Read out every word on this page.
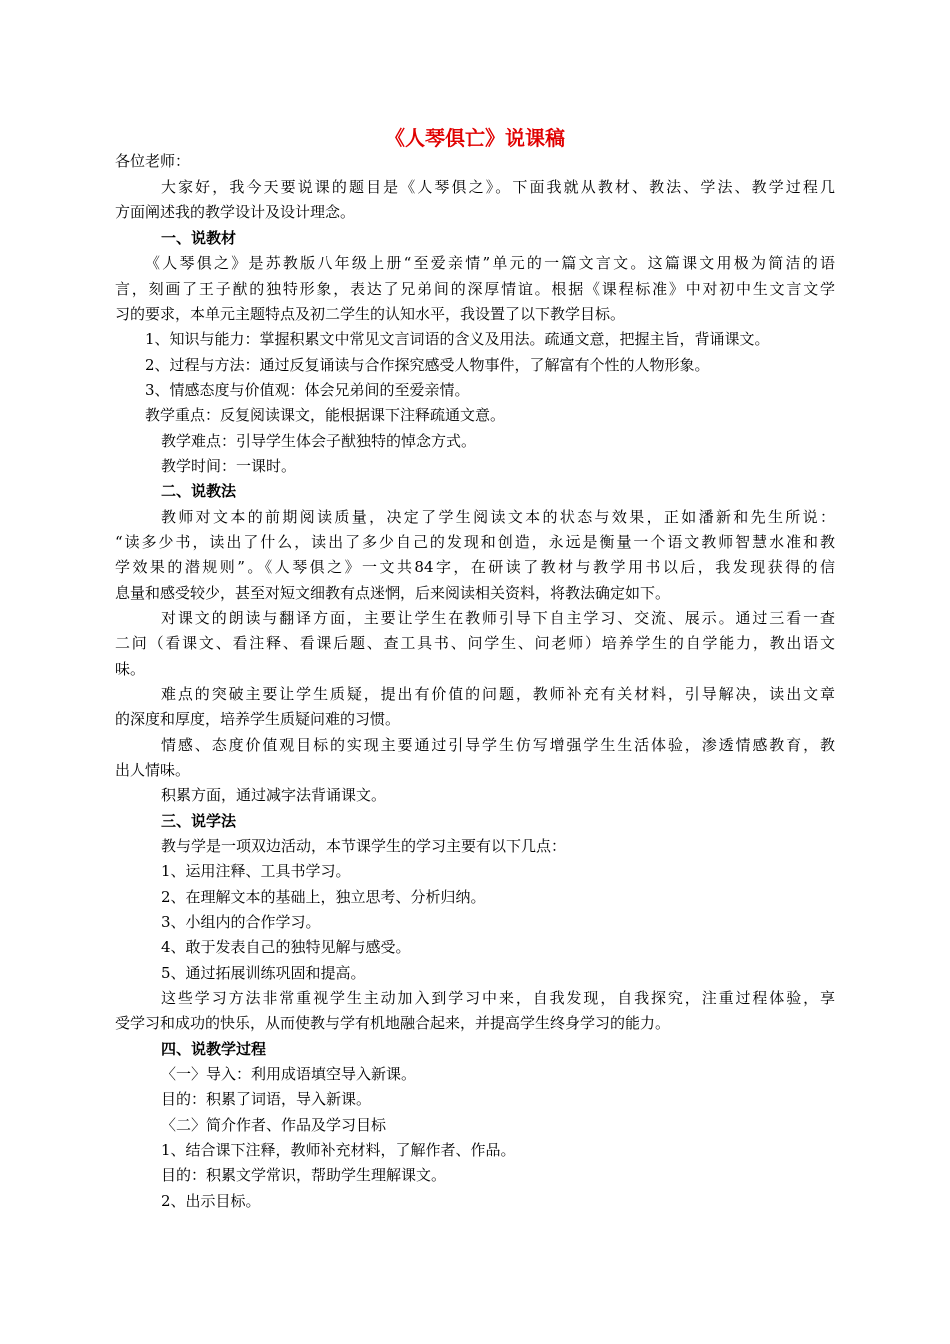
《人琴俱亡》说课稿

各位老师：

大家好，我今天要说课的题目是《人琴俱之》。下面我就从教材、教法、学法、教学过程几

方面阐述我的教学设计及设计理念。

一、说教材

《人琴俱之》是苏教版八年级上册“至爱亲情”单元的一篇文言文。这篇课文用极为简洁的语

言，刻画了王子猷的独特形象，表达了兄弟间的深厚情谊。根据《课程标准》中对初中生文言文学

习的要求，本单元主题特点及初二学生的认知水平，我设置了以下教学目标。

1、知识与能力：掌握积累文中常见文言词语的含义及用法。疏通文意，把握主旨，背诵课文。

2、过程与方法：通过反复诵读与合作探究感受人物事件，了解富有个性的人物形象。

3、情感态度与价值观：体会兄弟间的至爱亲情。

教学重点：反复阅读课文，能根据课下注释疏通文意。

教学难点：引导学生体会子猷独特的悼念方式。

教学时间：一课时。

二、说教法

教师对文本的前期阅读质量，决定了学生阅读文本的状态与效果，正如潘新和先生所说：

“读多少书，读出了什么，读出了多少自己的发现和创造，永远是衡量一个语文教师智慧水准和教

学效果的潜规则”。《人琴俱之》一文共84字，在研读了教材与教学用书以后，我发现获得的信

息量和感受较少，甚至对短文细教有点迷惘，后来阅读相关资料，将教法确定如下。

对课文的朗读与翻译方面，主要让学生在教师引导下自主学习、交流、展示。通过三看一查

二问（看课文、看注释、看课后题、查工具书、问学生、问老师）培养学生的自学能力，教出语文

味。

难点的突破主要让学生质疑，提出有价值的问题，教师补充有关材料，引导解决，读出文章

的深度和厚度，培养学生质疑问难的习惯。

情感、态度价值观目标的实现主要通过引导学生仿写增强学生生活体验，渗透情感教育，教

出人情味。

积累方面，通过减字法背诵课文。

三、说学法

教与学是一项双边活动，本节课学生的学习主要有以下几点：

1、运用注释、工具书学习。

2、在理解文本的基础上，独立思考、分析归纳。

3、小组内的合作学习。

4、敢于发表自己的独特见解与感受。

5、通过拓展训练巩固和提高。

这些学习方法非常重视学生主动加入到学习中来，自我发现，自我探究，注重过程体验，享

受学习和成功的快乐，从而使教与学有机地融合起来，并提高学生终身学习的能力。

四、说教学过程

〈一〉导入：利用成语填空导入新课。

目的：积累了词语，导入新课。

〈二〉简介作者、作品及学习目标

1、结合课下注释，教师补充材料，了解作者、作品。

目的：积累文学常识，帮助学生理解课文。

2、出示目标。
